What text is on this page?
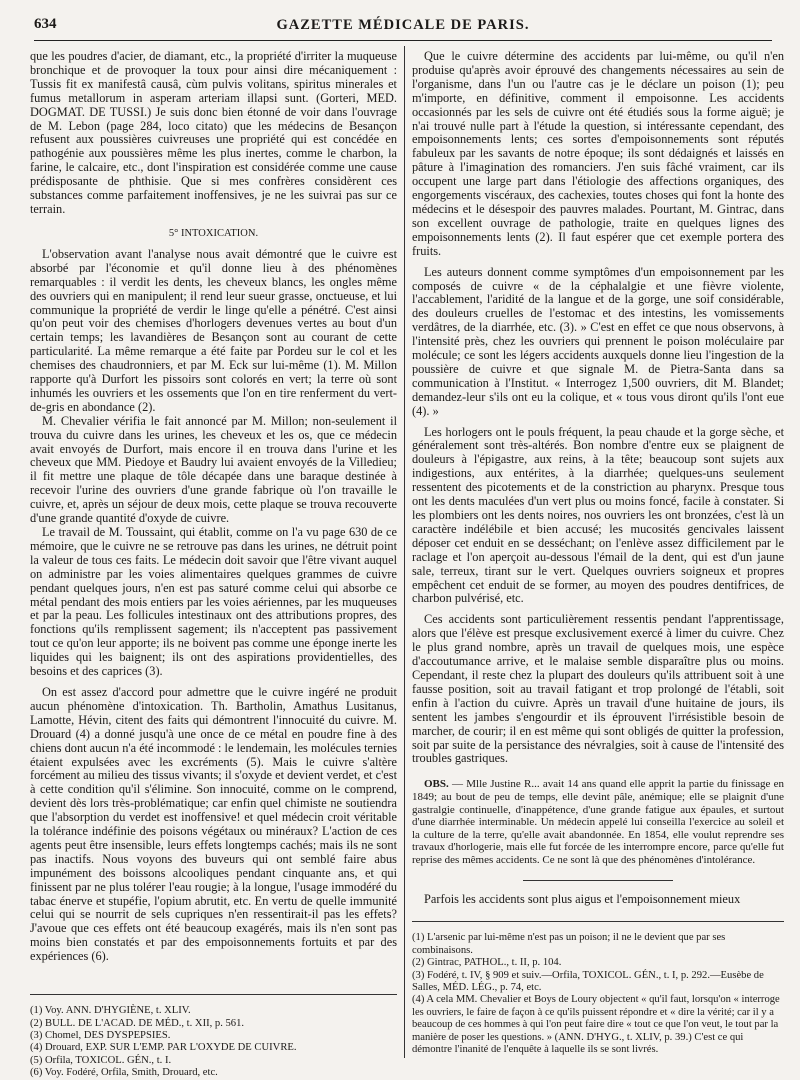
634	GAZETTE MÉDICALE DE PARIS.

que les poudres d'acier, de diamant, etc., la propriété d'irriter la muqueuse bronchique et de provoquer la toux pour ainsi dire mécaniquement : Tussis fit ex manifestâ causâ, cùm pulvis volitans, spiritus minerales et fumus metallorum in asperam arteriam illapsi sunt. (Gorteri, MED. DOGMAT. DE TUSSI.) Je suis donc bien étonné de voir dans l'ouvrage de M. Lebon (page 284, loco citato) que les médecins de Besançon refusent aux poussières cuivreuses une propriété qui est concédée en pathogénie aux poussières même les plus inertes, comme le charbon, la farine, le calcaire, etc., dont l'inspiration est considérée comme une cause prédisposante de phthisie. Que si mes confrères considèrent ces substances comme parfaitement inoffensives, je ne les suivrai pas sur ce terrain.

5° INTOXICATION.

L'observation avant l'analyse nous avait démontré que le cuivre est absorbé par l'économie et qu'il donne lieu à des phénomènes remarquables : il verdit les dents, les cheveux blancs, les ongles même des ouvriers qui en manipulent; il rend leur sueur grasse, onctueuse, et lui communique la propriété de verdir le linge qu'elle a pénétré. C'est ainsi qu'on peut voir des chemises d'horlogers devenues vertes au bout d'un certain temps; les lavandières de Besançon sont au courant de cette particularité. La même remarque a été faite par Pordeu sur le col et les chemises des chaudronniers, et par M. Eck sur lui-même (1). M. Millon rapporte qu'à Durfort les pissoirs sont colorés en vert; la terre où sont inhumés les ouvriers et les ossements que l'on en tire renferment du vert-de-gris en abondance (2).

M. Chevalier vérifia le fait annoncé par M. Millon; non-seulement il trouva du cuivre dans les urines, les cheveux et les os, que ce médecin avait envoyés de Durfort, mais encore il en trouva dans l'urine et les cheveux que MM. Piedoye et Baudry lui avaient envoyés de la Villedieu; il fit mettre une plaque de tôle décapée dans une baraque destinée à recevoir l'urine des ouvriers d'une grande fabrique où l'on travaille le cuivre, et, après un séjour de deux mois, cette plaque se trouva recouverte d'une grande quantité d'oxyde de cuivre.

Le travail de M. Toussaint, qui établit, comme on l'a vu page 630 de ce mémoire, que le cuivre ne se retrouve pas dans les urines, ne détruit point la valeur de tous ces faits. Le médecin doit savoir que l'être vivant auquel on administre par les voies alimentaires quelques grammes de cuivre pendant quelques jours, n'en est pas saturé comme celui qui absorbe ce métal pendant des mois entiers par les voies aériennes, par les muqueuses et par la peau. Les follicules intestinaux ont des attributions propres, des fonctions qu'ils remplissent sagement; ils n'acceptent pas passivement tout ce qu'on leur apporte; ils ne boivent pas comme une éponge inerte les liquides qui les baignent; ils ont des aspirations providentielles, des besoins et des caprices (3).

On est assez d'accord pour admettre que le cuivre ingéré ne produit aucun phénomène d'intoxication. Th. Bartholin, Amathus Lusitanus, Lamotte, Hévin, citent des faits qui démontrent l'innocuité du cuivre. M. Drouard (4) a donné jusqu'à une once de ce métal en poudre fine à des chiens dont aucun n'a été incommodé : le lendemain, les molécules ternies étaient expulsées avec les excréments (5). Mais le cuivre s'altère forcément au milieu des tissus vivants; il s'oxyde et devient verdet, et c'est à cette condition qu'il s'élimine. Son innocuité, comme on le comprend, devient dès lors très-problématique; car enfin quel chimiste ne soutiendra que l'absorption du verdet est inoffensive! et quel médecin croit véritable la tolérance indéfinie des poisons végétaux ou minéraux? L'action de ces agents peut être insensible, leurs effets longtemps cachés; mais ils ne sont pas inactifs. Nous voyons des buveurs qui ont semblé faire abus impunément des boissons alcooliques pendant cinquante ans, et qui finissent par ne plus tolérer l'eau rougie; à la longue, l'usage immodéré du tabac énerve et stupéfie, l'opium abrutit, etc. En vertu de quelle immunité celui qui se nourrit de sels cupriques n'en ressentirait-il pas les effets? J'avoue que ces effets ont été beaucoup exagérés, mais ils n'en sont pas moins bien constatés et par des empoisonnements fortuits et par des expériences (6).

(1) Voy. ANN. D'HYGIÈNE, t. XLIV.

(2) BULL. DE L'ACAD. DE MÉD., t. XII, p. 561.

(3) Chomel, DES DYSPEPSIES.

(4) Drouard, EXP. SUR L'EMP. PAR L'OXYDE DE CUIVRE.

(5) Orfila, TOXICOL. GÉN., t. I.

(6) Voy. Fodéré, Orfila, Smith, Drouard, etc.

Que le cuivre détermine des accidents par lui-même, ou qu'il n'en produise qu'après avoir éprouvé des changements nécessaires au sein de l'organisme, dans l'un ou l'autre cas je le déclare un poison (1); peu m'importe, en définitive, comment il empoisonne. Les accidents occasionnés par les sels de cuivre ont été étudiés sous la forme aiguë; je n'ai trouvé nulle part à l'étude la question, si intéressante cependant, des empoisonnements lents; ces sortes d'empoisonnements sont réputés fabuleux par les savants de notre époque; ils sont dédaignés et laissés en pâture à l'imagination des romanciers. J'en suis fâché vraiment, car ils occupent une large part dans l'étiologie des affections organiques, des engorgements viscéraux, des cachexies, toutes choses qui font la honte des médecins et le désespoir des pauvres malades. Pourtant, M. Gintrac, dans son excellent ouvrage de pathologie, traite en quelques lignes des empoisonnements lents (2). Il faut espérer que cet exemple portera des fruits.

Les auteurs donnent comme symptômes d'un empoisonnement par les composés de cuivre « de la céphalalgie et une fièvre violente, l'accablement, l'aridité de la langue et de la gorge, une soif considérable, des douleurs cruelles de l'estomac et des intestins, les vomissements verdâtres, de la diarrhée, etc. (3). » C'est en effet ce que nous observons, à l'intensité près, chez les ouvriers qui prennent le poison moléculaire par molécule; ce sont les légers accidents auxquels donne lieu l'ingestion de la poussière de cuivre et que signale M. de Pietra-Santa dans sa communication à l'Institut. « Interrogez 1,500 ouvriers, dit M. Blandet; demandez-leur s'ils ont eu la colique, et « tous vous diront qu'ils l'ont eue (4). »

Les horlogers ont le pouls fréquent, la peau chaude et la gorge sèche, et généralement sont très-altérés. Bon nombre d'entre eux se plaignent de douleurs à l'épigastre, aux reins, à la tête; beaucoup sont sujets aux indigestions, aux entérites, à la diarrhée; quelques-uns seulement ressentent des picotements et de la constriction au pharynx. Presque tous ont les dents maculées d'un vert plus ou moins foncé, facile à constater. Si les plombiers ont les dents noires, nos ouvriers les ont bronzées, c'est là un caractère indélébile et bien accusé; les mucosités gencivales laissent déposer cet enduit en se desséchant; on l'enlève assez difficilement par le raclage et l'on aperçoit au-dessous l'émail de la dent, qui est d'un jaune sale, terreux, tirant sur le vert. Quelques ouvriers soigneux et propres empêchent cet enduit de se former, au moyen des poudres dentifrices, de charbon pulvérisé, etc.

Ces accidents sont particulièrement ressentis pendant l'apprentissage, alors que l'élève est presque exclusivement exercé à limer du cuivre. Chez le plus grand nombre, après un travail de quelques mois, une espèce d'accoutumance arrive, et le malaise semble disparaître plus ou moins. Cependant, il reste chez la plupart des douleurs qu'ils attribuent soit à une fausse position, soit au travail fatigant et trop prolongé de l'établi, soit enfin à l'action du cuivre. Après un travail d'une huitaine de jours, ils sentent les jambes s'engourdir et ils éprouvent l'irrésistible besoin de marcher, de courir; il en est même qui sont obligés de quitter la profession, soit par suite de la persistance des névralgies, soit à cause de l'intensité des troubles gastriques.

OBS. — Mlle Justine R... avait 14 ans quand elle apprit la partie du finissage en 1849; au bout de peu de temps, elle devint pâle, anémique; elle se plaignit d'une gastralgie continuelle, d'inappétence, d'une grande fatigue aux épaules, et surtout d'une diarrhée interminable. Un médecin appelé lui conseilla l'exercice au soleil et la culture de la terre, qu'elle avait abandonnée. En 1854, elle voulut reprendre ses travaux d'horlogerie, mais elle fut forcée de les interrompre encore, parce qu'elle fut reprise des mêmes accidents. Ce ne sont là que des phénomènes d'intolérance.

Parfois les accidents sont plus aigus et l'empoisonnement mieux

(1) L'arsenic par lui-même n'est pas un poison; il ne le devient que par ses combinaisons.

(2) Gintrac, PATHOL., t. II, p. 104.

(3) Fodéré, t. IV, § 909 et suiv.—Orfila, TOXICOL. GÉN., t. I, p. 292.—Eusèbe de Salles, MÉD. LÉG., p. 74, etc.

(4) A cela MM. Chevalier et Boys de Loury objectent « qu'il faut, lorsqu'on « interroge les ouvriers, le faire de façon à ce qu'ils puissent répondre et « dire la vérité; car il y a beaucoup de ces hommes à qui l'on peut faire dire « tout ce que l'on veut, le tout par la manière de poser les questions. » (ANN. D'HYG., t. XLIV, p. 39.) C'est ce qui démontre l'inanité de l'enquête à laquelle ils se sont livrés.
